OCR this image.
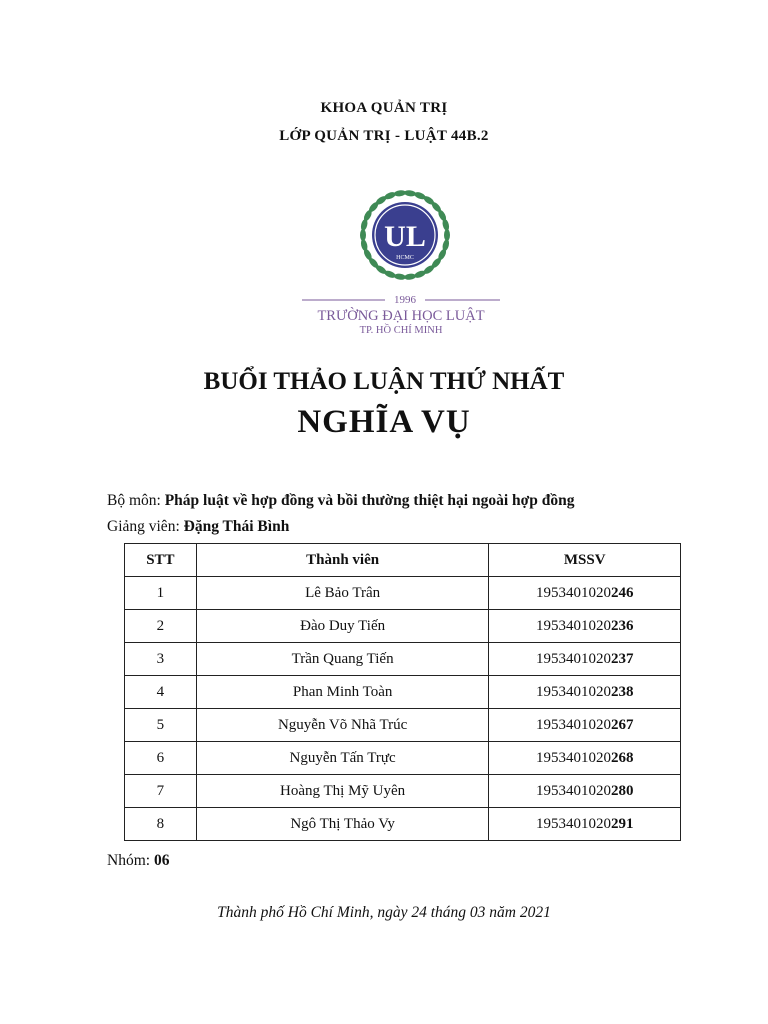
KHOA QUẢN TRỊ
LỚP QUẢN TRỊ - LUẬT 44B.2
UL
HCMC
1996
TRƯỜNG ĐẠI HỌC LUẬT
TP. HỒ CHÍ MINH
BUỔI THẢO LUẬN THỨ NHẤT
NGHĨA VỤ
Bộ môn: Pháp luật về hợp đồng và bồi thường thiệt hại ngoài hợp đồng
Giảng viên: Đặng Thái Bình
STT	Thành viên	MSSV
1	Lê Bảo Trân	1953401020246
2	Đào Duy Tiến	1953401020236
3	Trần Quang Tiến	1953401020237
4	Phan Minh Toàn	1953401020238
5	Nguyễn Võ Nhã Trúc	1953401020267
6	Nguyễn Tấn Trực	1953401020268
7	Hoàng Thị Mỹ Uyên	1953401020280
8	Ngô Thị Thảo Vy	1953401020291
Nhóm: 06
Thành phố Hồ Chí Minh, ngày 24 tháng 03 năm 2021
